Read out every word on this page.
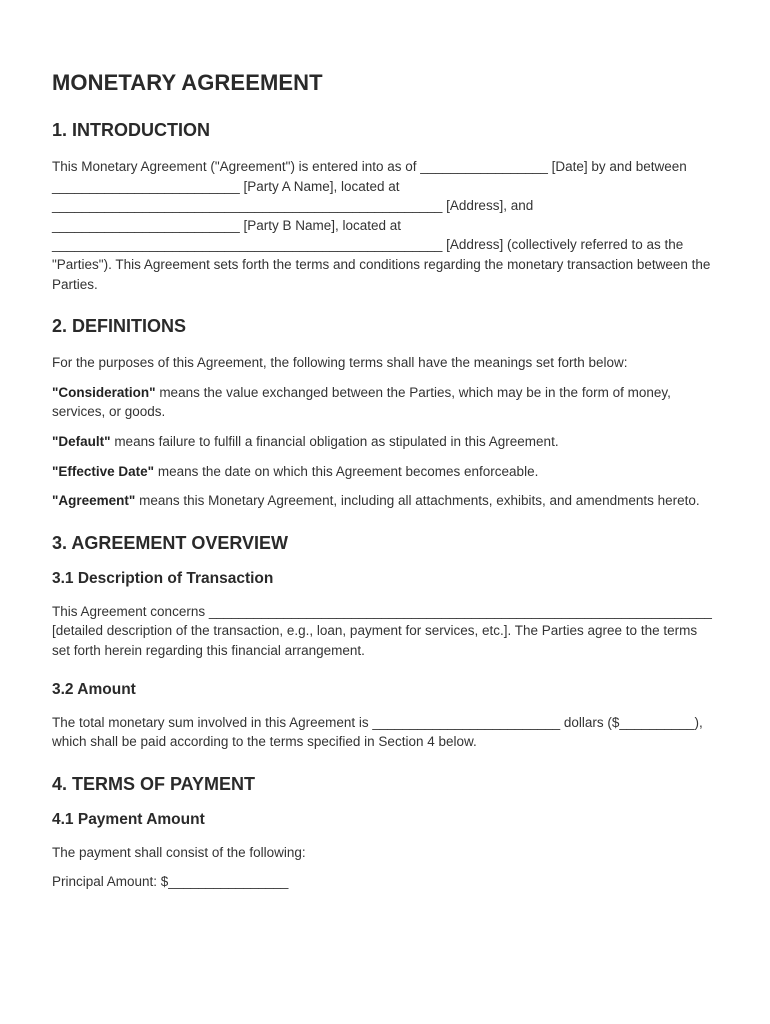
MONETARY AGREEMENT
1. INTRODUCTION

This Monetary Agreement ("Agreement") is entered into as of _________________ [Date] by and between _________________________ [Party A Name], located at ____________________________________________________ [Address], and _________________________ [Party B Name], located at ____________________________________________________ [Address] (collectively referred to as the "Parties"). This Agreement sets forth the terms and conditions regarding the monetary transaction between the Parties.

2. DEFINITIONS

For the purposes of this Agreement, the following terms shall have the meanings set forth below:

"Consideration" means the value exchanged between the Parties, which may be in the form of money, services, or goods.

"Default" means failure to fulfill a financial obligation as stipulated in this Agreement.

"Effective Date" means the date on which this Agreement becomes enforceable.

"Agreement" means this Monetary Agreement, including all attachments, exhibits, and amendments hereto.

3. AGREEMENT OVERVIEW
3.1 Description of Transaction

This Agreement concerns ___________________________________________________________________ [detailed description of the transaction, e.g., loan, payment for services, etc.]. The Parties agree to the terms set forth herein regarding this financial arrangement.

3.2 Amount

The total monetary sum involved in this Agreement is _________________________ dollars ($__________), which shall be paid according to the terms specified in Section 4 below.

4. TERMS OF PAYMENT
4.1 Payment Amount

The payment shall consist of the following:

Principal Amount: $________________
